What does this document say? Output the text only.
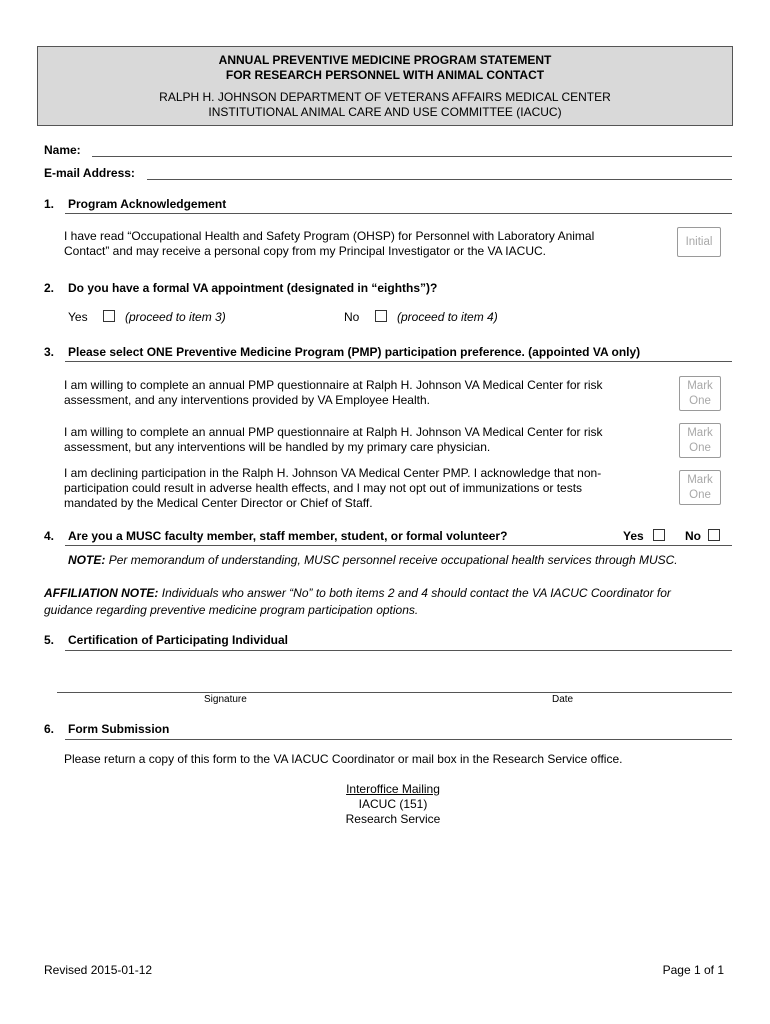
ANNUAL PREVENTIVE MEDICINE PROGRAM STATEMENT
FOR RESEARCH PERSONNEL WITH ANIMAL CONTACT
RALPH H. JOHNSON DEPARTMENT OF VETERANS AFFAIRS MEDICAL CENTER
INSTITUTIONAL ANIMAL CARE AND USE COMMITTEE (IACUC)
Name:
E-mail Address:
1. Program Acknowledgement
I have read “Occupational Health and Safety Program (OHSP) for Personnel with Laboratory Animal
Contact” and may receive a personal copy from my Principal Investigator or the VA IACUC.
Initial
2. Do you have a formal VA appointment (designated in “eighths”)?
Yes	(proceed to item 3)	No	(proceed to item 4)
3. Please select ONE Preventive Medicine Program (PMP) participation preference. (appointed VA only)
I am willing to complete an annual PMP questionnaire at Ralph H. Johnson VA Medical Center for risk
assessment, and any interventions provided by VA Employee Health.
Mark
One
I am willing to complete an annual PMP questionnaire at Ralph H. Johnson VA Medical Center for risk
assessment, but any interventions will be handled by my primary care physician.
Mark
One
I am declining participation in the Ralph H. Johnson VA Medical Center PMP. I acknowledge that non-
participation could result in adverse health effects, and I may not opt out of immunizations or tests
mandated by the Medical Center Director or Chief of Staff.
Mark
One
4. Are you a MUSC faculty member, staff member, student, or formal volunteer?	Yes	No
NOTE: Per memorandum of understanding, MUSC personnel receive occupational health services through MUSC.
AFFILIATION NOTE: Individuals who answer “No” to both items 2 and 4 should contact the VA IACUC Coordinator for
guidance regarding preventive medicine program participation options.
5. Certification of Participating Individual
Signature	Date
6. Form Submission
Please return a copy of this form to the VA IACUC Coordinator or mail box in the Research Service office.
Interoffice Mailing
IACUC (151)
Research Service
Revised 2015-01-12	Page 1 of 1
